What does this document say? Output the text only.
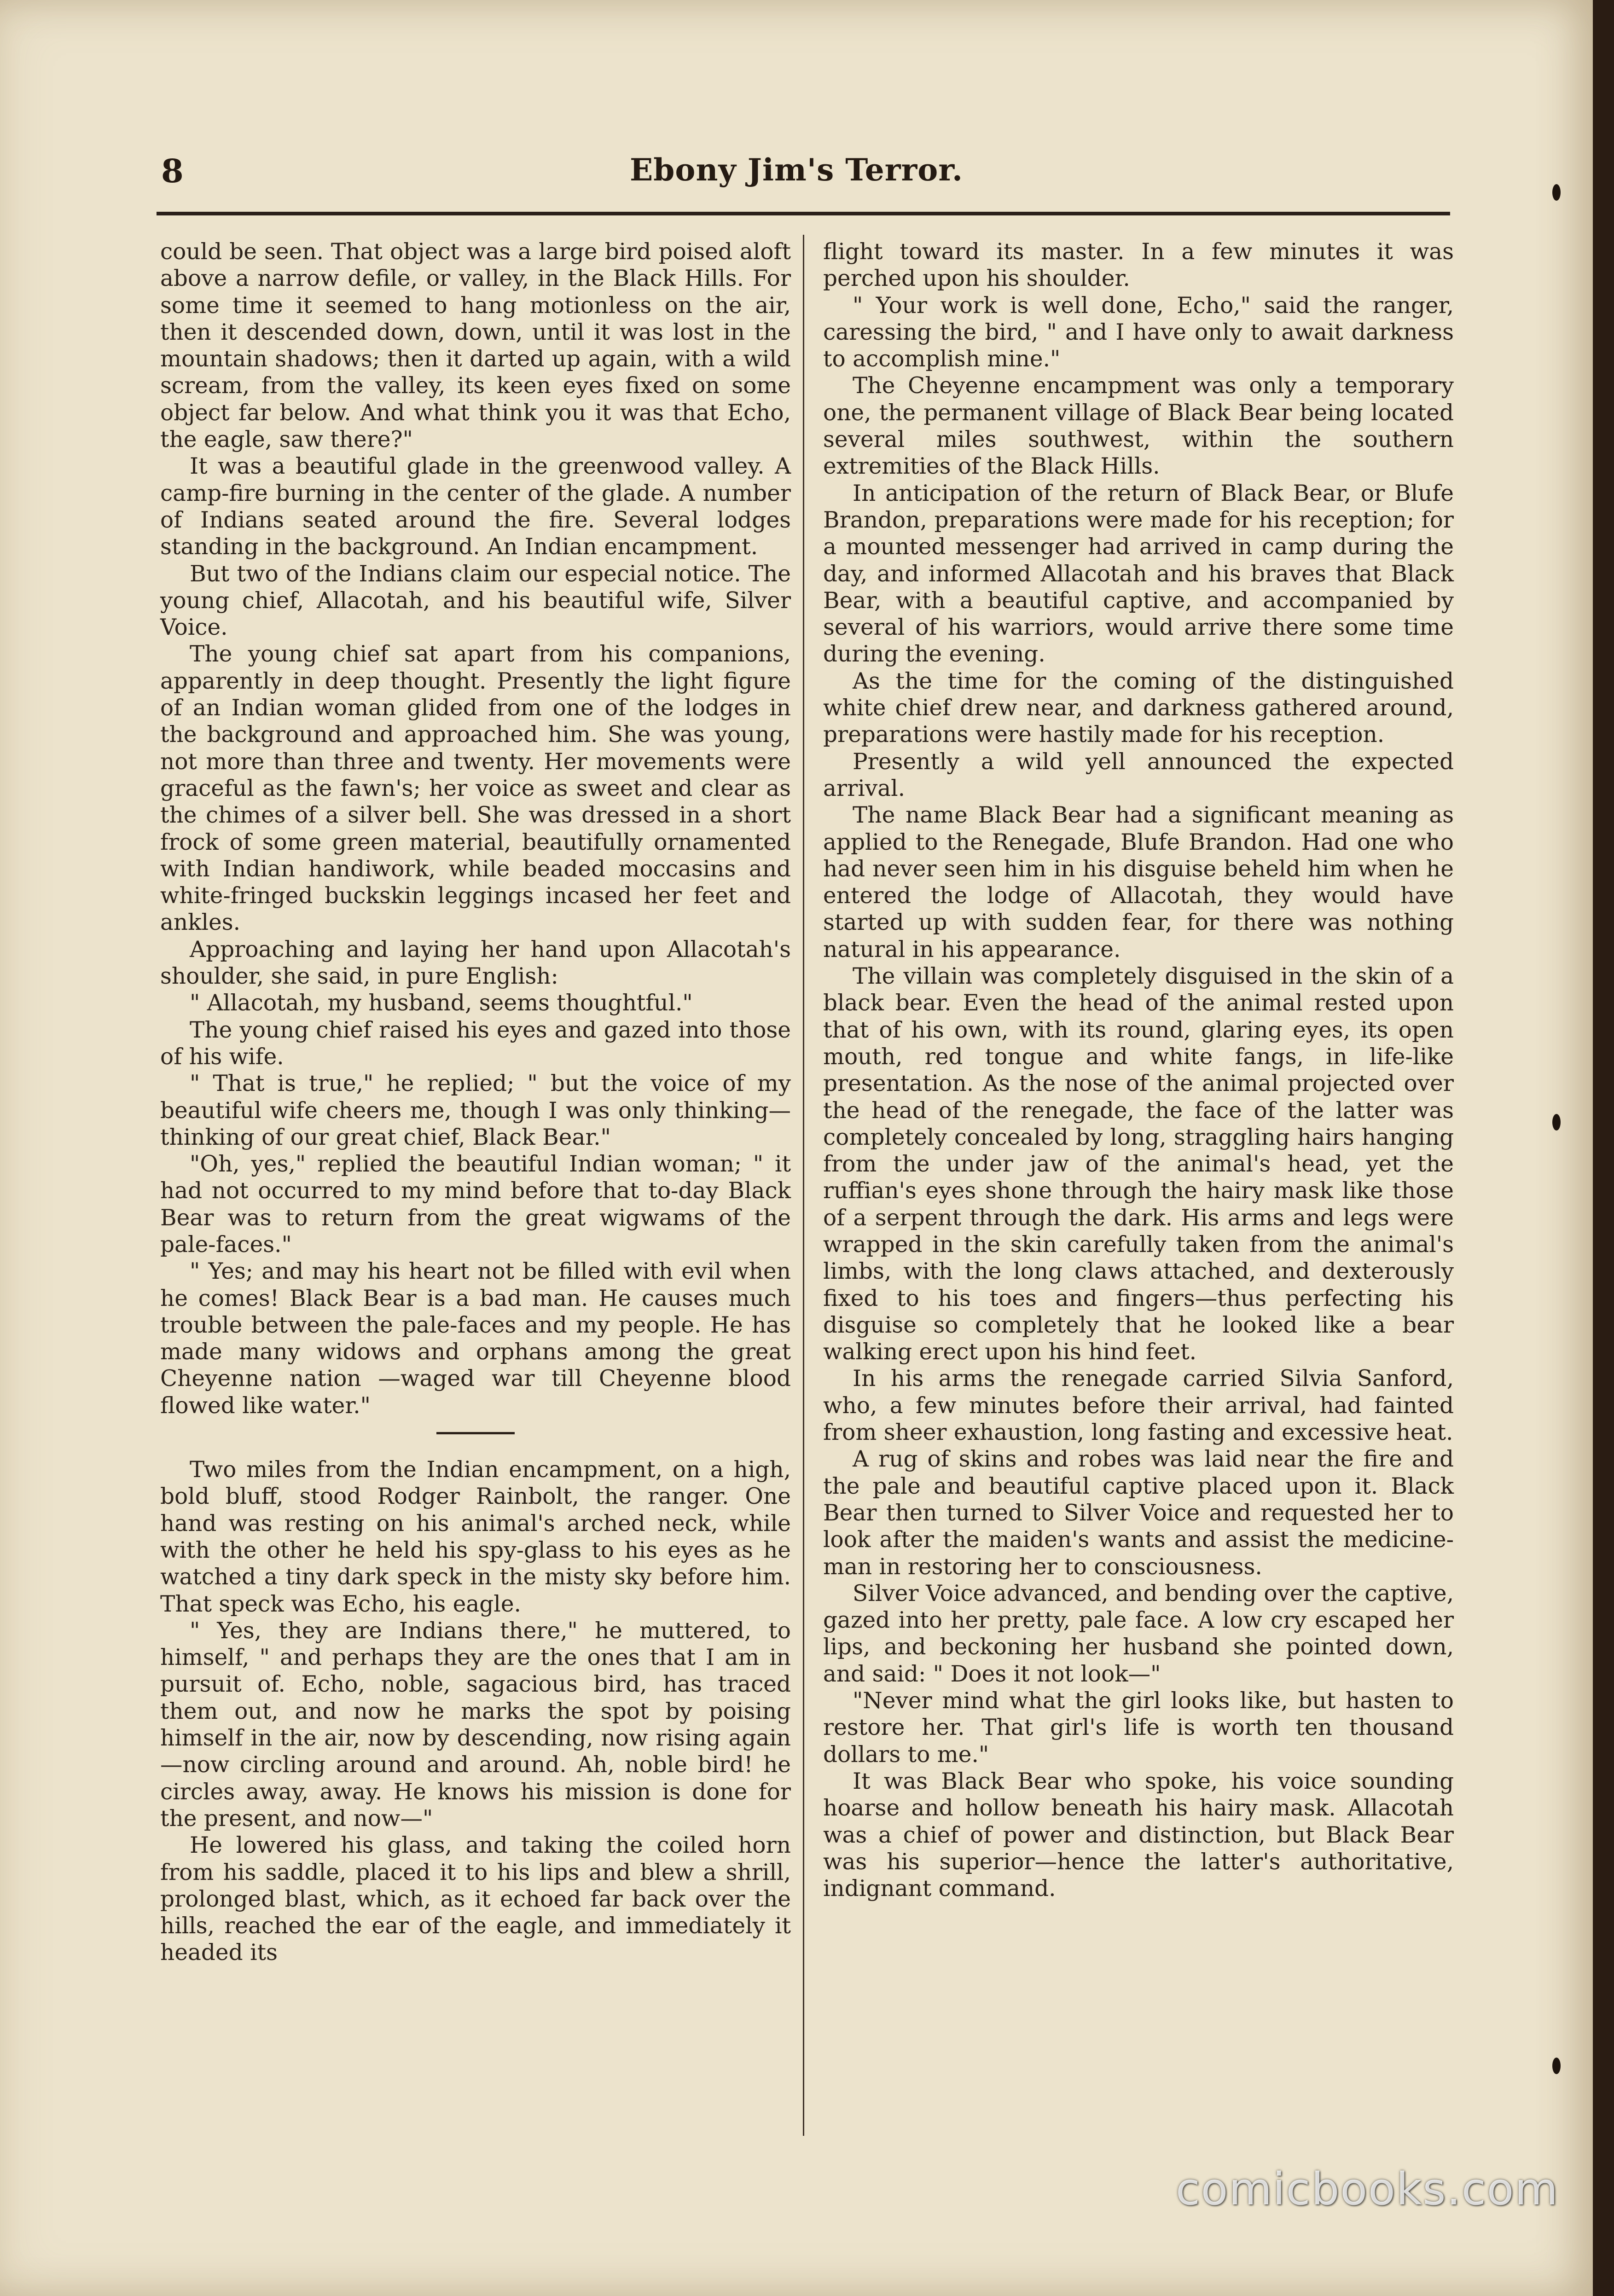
8	Ebony Jim's Terror.

could be seen. That object was a large bird poised aloft above a narrow defile, or valley, in the Black Hills. For some time it seemed to hang motionless on the air, then it descended down, down, until it was lost in the mountain shadows; then it darted up again, with a wild scream, from the valley, its keen eyes fixed on some object far below. And what think you it was that Echo, the eagle, saw there?"

It was a beautiful glade in the greenwood valley. A camp-fire burning in the center of the glade. A number of Indians seated around the fire. Several lodges standing in the background. An Indian encampment.

But two of the Indians claim our especial notice. The young chief, Allacotah, and his beautiful wife, Silver Voice.

The young chief sat apart from his companions, apparently in deep thought. Presently the light figure of an Indian woman glided from one of the lodges in the background and approached him. She was young, not more than three and twenty. Her movements were graceful as the fawn's; her voice as sweet and clear as the chimes of a silver bell. She was dressed in a short frock of some green material, beautifully ornamented with Indian handiwork, while beaded moccasins and white-fringed buckskin leggings incased her feet and ankles.

Approaching and laying her hand upon Allacotah's shoulder, she said, in pure English:

" Allacotah, my husband, seems thoughtful."

The young chief raised his eyes and gazed into those of his wife.

" That is true," he replied; " but the voice of my beautiful wife cheers me, though I was only thinking—thinking of our great chief, Black Bear."

"Oh, yes," replied the beautiful Indian woman; " it had not occurred to my mind before that to-day Black Bear was to return from the great wigwams of the pale-faces."

" Yes; and may his heart not be filled with evil when he comes! Black Bear is a bad man. He causes much trouble between the pale-faces and my people. He has made many widows and orphans among the great Cheyenne nation —waged war till Cheyenne blood flowed like water."

Two miles from the Indian encampment, on a high, bold bluff, stood Rodger Rainbolt, the ranger. One hand was resting on his animal's arched neck, while with the other he held his spy-glass to his eyes as he watched a tiny dark speck in the misty sky before him. That speck was Echo, his eagle.

" Yes, they are Indians there," he muttered, to himself, " and perhaps they are the ones that I am in pursuit of. Echo, noble, sagacious bird, has traced them out, and now he marks the spot by poising himself in the air, now by descending, now rising again—now circling around and around. Ah, noble bird! he circles away, away. He knows his mission is done for the present, and now—"

He lowered his glass, and taking the coiled horn from his saddle, placed it to his lips and blew a shrill, prolonged blast, which, as it echoed far back over the hills, reached the ear of the eagle, and immediately it headed its

flight toward its master. In a few minutes it was perched upon his shoulder.

" Your work is well done, Echo," said the ranger, caressing the bird, " and I have only to await darkness to accomplish mine."

The Cheyenne encampment was only a temporary one, the permanent village of Black Bear being located several miles southwest, within the southern extremities of the Black Hills.

In anticipation of the return of Black Bear, or Blufe Brandon, preparations were made for his reception; for a mounted messenger had arrived in camp during the day, and informed Allacotah and his braves that Black Bear, with a beautiful captive, and accompanied by several of his warriors, would arrive there some time during the evening.

As the time for the coming of the distinguished white chief drew near, and darkness gathered around, preparations were hastily made for his reception.

Presently a wild yell announced the expected arrival.

The name Black Bear had a significant meaning as applied to the Renegade, Blufe Brandon. Had one who had never seen him in his disguise beheld him when he entered the lodge of Allacotah, they would have started up with sudden fear, for there was nothing natural in his appearance.

The villain was completely disguised in the skin of a black bear. Even the head of the animal rested upon that of his own, with its round, glaring eyes, its open mouth, red tongue and white fangs, in life-like presentation. As the nose of the animal projected over the head of the renegade, the face of the latter was completely concealed by long, straggling hairs hanging from the under jaw of the animal's head, yet the ruffian's eyes shone through the hairy mask like those of a serpent through the dark. His arms and legs were wrapped in the skin carefully taken from the animal's limbs, with the long claws attached, and dexterously fixed to his toes and fingers—thus perfecting his disguise so completely that he looked like a bear walking erect upon his hind feet.

In his arms the renegade carried Silvia Sanford, who, a few minutes before their arrival, had fainted from sheer exhaustion, long fasting and excessive heat.

A rug of skins and robes was laid near the fire and the pale and beautiful captive placed upon it. Black Bear then turned to Silver Voice and requested her to look after the maiden's wants and assist the medicine-man in restoring her to consciousness.

Silver Voice advanced, and bending over the captive, gazed into her pretty, pale face. A low cry escaped her lips, and beckoning her husband she pointed down, and said: " Does it not look—"

"Never mind what the girl looks like, but hasten to restore her. That girl's life is worth ten thousand dollars to me."

It was Black Bear who spoke, his voice sounding hoarse and hollow beneath his hairy mask. Allacotah was a chief of power and distinction, but Black Bear was his superior—hence the latter's authoritative, indignant command.

comicbooks.com
